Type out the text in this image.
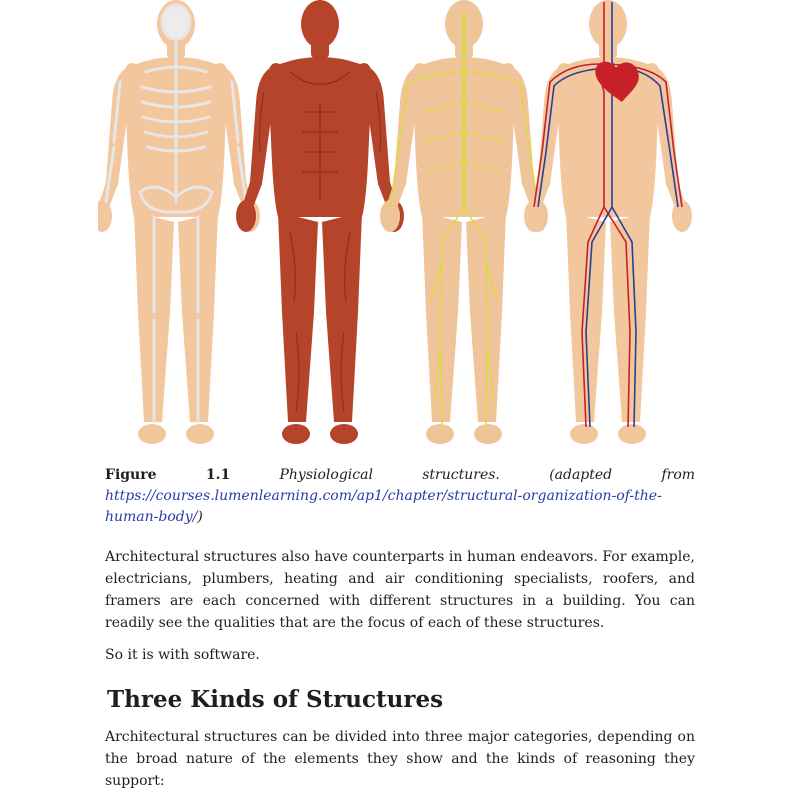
Figure	1.1	Physiological structures.	(adapted from https://courses.lumenlearning.com/ap1/chapter/structural-organization-of-the-human-body/)

Architectural structures also have counterparts in human endeavors. For example, electricians, plumbers, heating and air conditioning specialists, roofers, and framers are each concerned with different structures in a building. You can readily see the qualities that are the focus of each of these structures.

So it is with software.

Three Kinds of Structures

Architectural structures can be divided into three major categories, depending on the broad nature of the elements they show and the kinds of reasoning they support:
